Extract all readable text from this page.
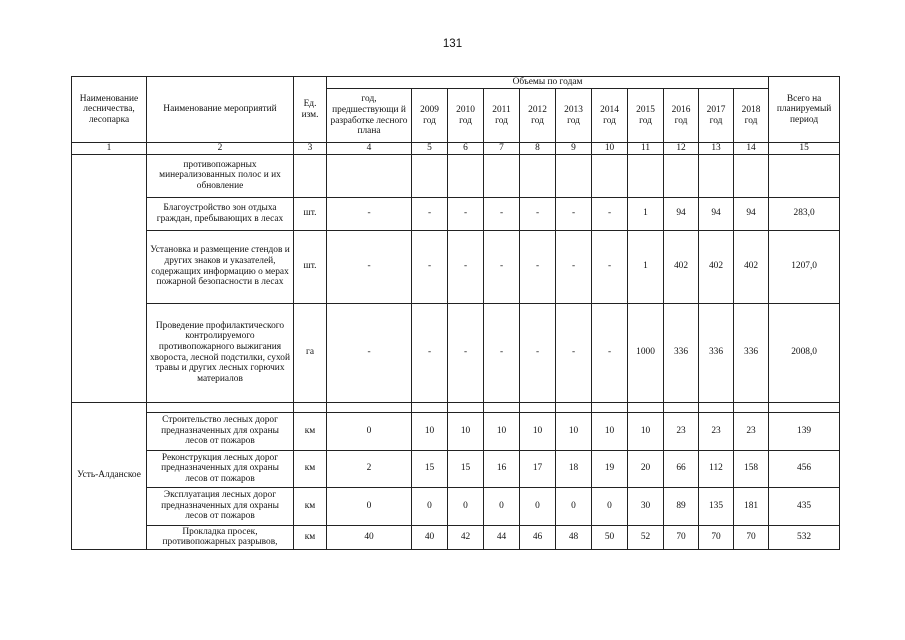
131
Наименование лесничества, лесопарка	Наименование мероприятий	Ед. изм.	Объемы по годам											Всего на планируемый период
			год, предшествующи й разработке лесного плана	2009 год	2010 год	2011 год	2012 год	2013 год	2014 год	2015 год	2016 год	2017 год	2018 год	
1	2	3	4	5	6	7	8	9	10	11	12	13	14	15
	противопожарных минерализованных полос и их обновление													
	Благоустройство зон отдыха граждан, пребывающих в лесах	шт.	-	-	-	-	-	-	-	1	94	94	94	283,0
	Установка и размещение стендов и других знаков и указателей, содержащих информацию о мерах пожарной безопасности в лесах	шт.	-	-	-	-	-	-	-	1	402	402	402	1207,0
	Проведение профилактического контролируемого противопожарного выжигания хвороста, лесной подстилки, сухой травы и других лесных горючих материалов	га	-	-	-	-	-	-	-	1000	336	336	336	2008,0
Усть-Алданское														
	Строительство лесных дорог предназначенных для охраны лесов от пожаров	км	0	10	10	10	10	10	10	10	23	23	23	139
	Реконструкция лесных дорог предназначенных для охраны лесов от пожаров	км	2	15	15	16	17	18	19	20	66	112	158	456
	Эксплуатация лесных дорог предназначенных для охраны лесов от пожаров	км	0	0	0	0	0	0	0	30	89	135	181	435
	Прокладка просек, противопожарных разрывов,	км	40	40	42	44	46	48	50	52	70	70	70	532
